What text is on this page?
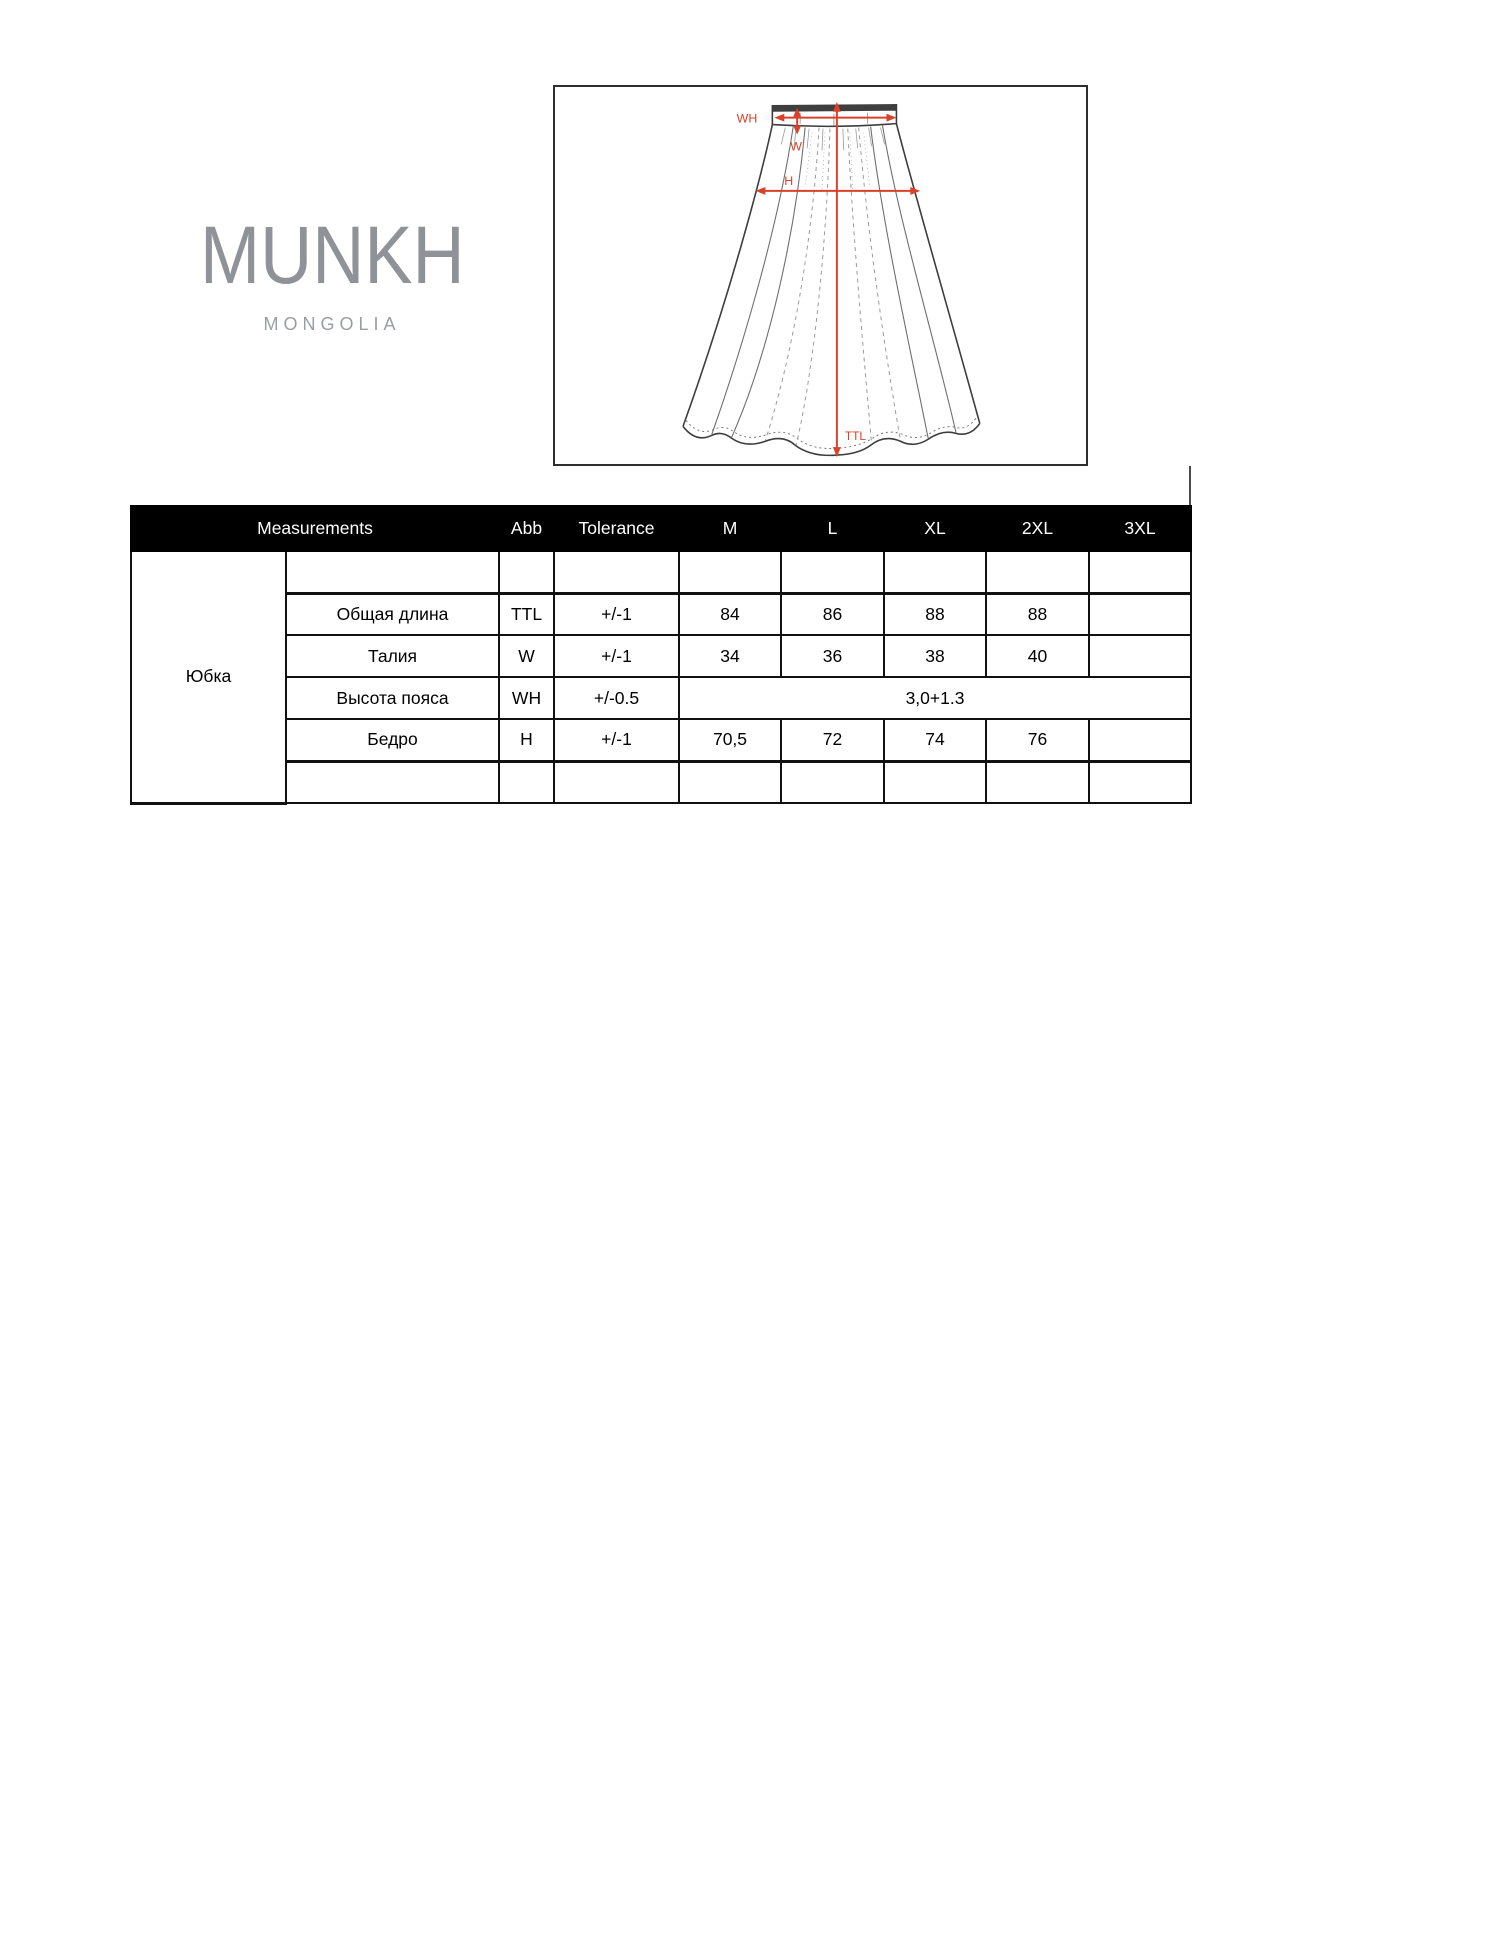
MUNKH
MONGOLIA
WH
W
H
TTL
Measurements		Abb	Tolerance	M	L	XL	2XL	3XL
Юбка								
	Общая длина	TTL	+/-1	84	86	88	88	
	Талия	W	+/-1	34	36	38	40	
	Высота пояса	WH	+/-0.5	3,0+1.3				
	Бедро	H	+/-1	70,5	72	74	76	
